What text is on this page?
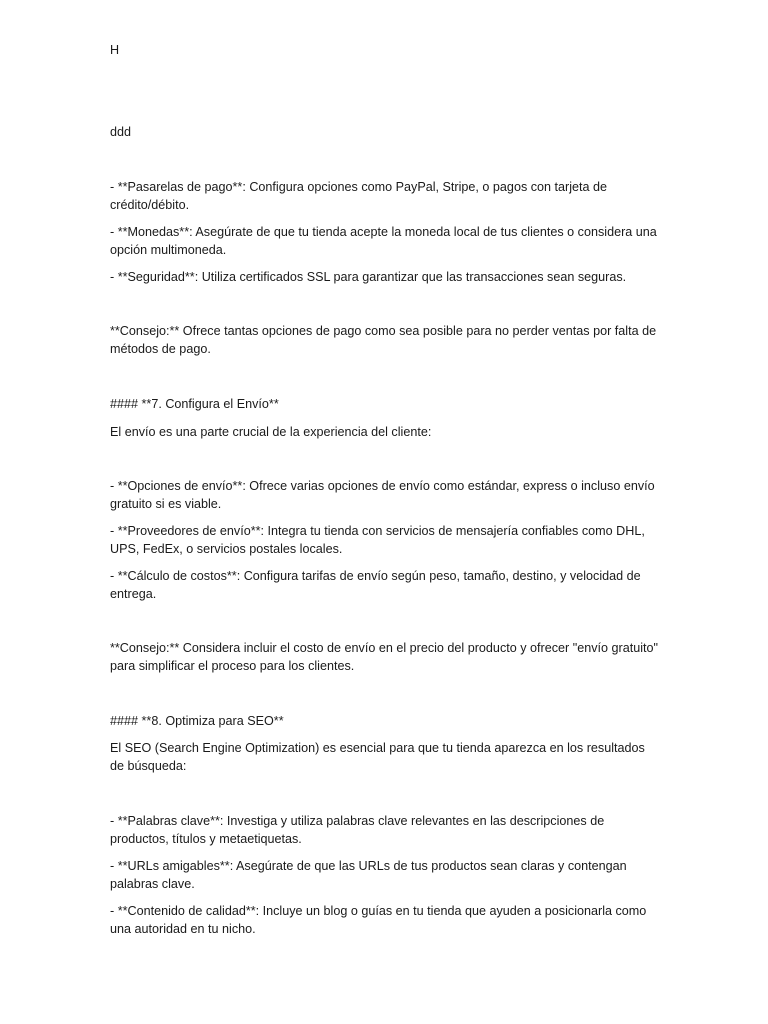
H

ddd

- **Pasarelas de pago**: Configura opciones como PayPal, Stripe, o pagos con tarjeta de crédito/débito.

- **Monedas**: Asegúrate de que tu tienda acepte la moneda local de tus clientes o considera una opción multimoneda.

- **Seguridad**: Utiliza certificados SSL para garantizar que las transacciones sean seguras.

**Consejo:** Ofrece tantas opciones de pago como sea posible para no perder ventas por falta de métodos de pago.

#### **7. Configura el Envío**

El envío es una parte crucial de la experiencia del cliente:

- **Opciones de envío**: Ofrece varias opciones de envío como estándar, express o incluso envío gratuito si es viable.

- **Proveedores de envío**: Integra tu tienda con servicios de mensajería confiables como DHL, UPS, FedEx, o servicios postales locales.

- **Cálculo de costos**: Configura tarifas de envío según peso, tamaño, destino, y velocidad de entrega.

**Consejo:** Considera incluir el costo de envío en el precio del producto y ofrecer "envío gratuito" para simplificar el proceso para los clientes.

#### **8. Optimiza para SEO**

El SEO (Search Engine Optimization) es esencial para que tu tienda aparezca en los resultados de búsqueda:

- **Palabras clave**: Investiga y utiliza palabras clave relevantes en las descripciones de productos, títulos y metaetiquetas.

- **URLs amigables**: Asegúrate de que las URLs de tus productos sean claras y contengan palabras clave.

- **Contenido de calidad**: Incluye un blog o guías en tu tienda que ayuden a posicionarla como una autoridad en tu nicho.
